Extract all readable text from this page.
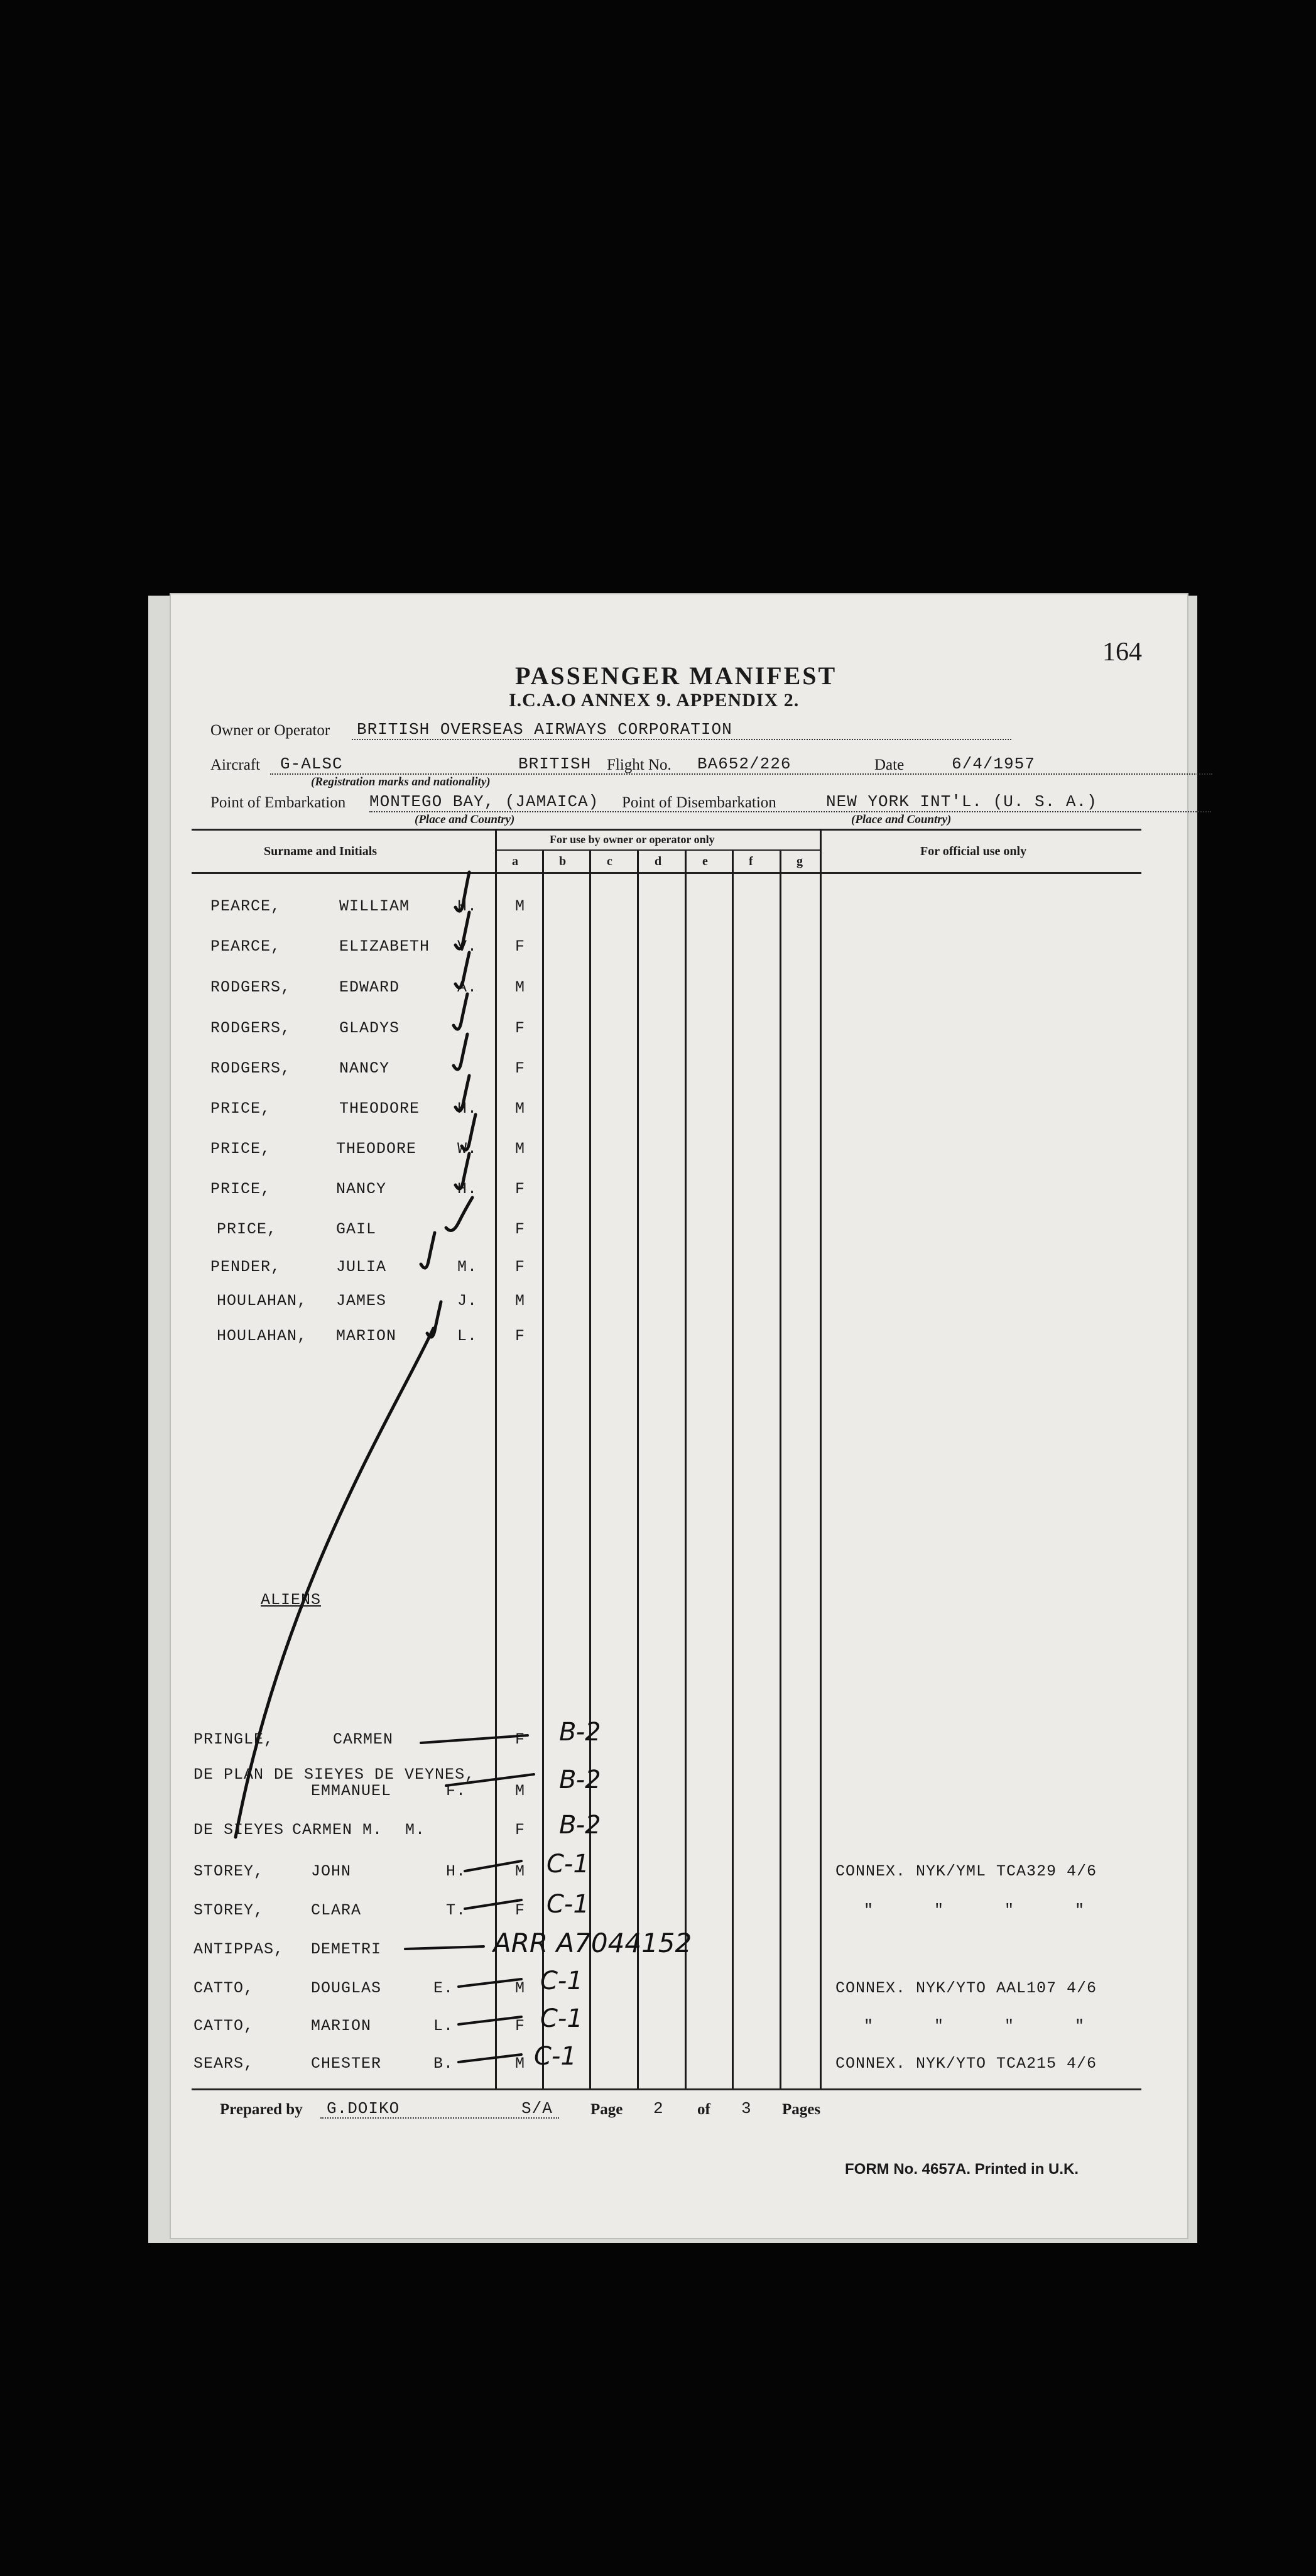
164
PASSENGER MANIFEST
I.C.A.O ANNEX 9. APPENDIX 2.
Owner or Operator BRITISH OVERSEAS AIRWAYS CORPORATION
Aircraft G-ALSC	BRITISH Flight No. BA652/226	Date	6/4/1957
(Registration marks and nationality)
Point of Embarkation MONTEGO BAY, (JAMAICA) Point of Disembarkation	NEW YORK INT'L. (U. S. A.)
(Place and Country)	(Place and Country)
Surname and Initials
For use by owner or operator only
For official use only
a	b	c	d	e	f	g
PEARCE,	WILLIAM	H. M
PEARCE,	ELIZABETH V. F
RODGERS,	EDWARD	A. M
RODGERS,	GLADYS	F
RODGERS,	NANCY	F
PRICE,	THEODORE H. M
PRICE,	THEODORE	W. M
PRICE,	NANCY	H. F
PRICE,	GAIL	F
PENDER,	JULIA	M. F
HOULAHAN, JAMES	J. M
HOULAHAN, MARION	L. F
ALIENS
PRINGLE,	CARMEN	F B-2
DE PLAN DE SIEYES DE VEYNES,
EMMANUEL	F.	M B-2
DE SIEYES CARMEN M. M.	F B-2
STOREY,	JOHN	H.	M C-1	CONNEX. NYK/YML TCA329 4/6
STOREY,	CLARA	T.	F C-1	"      "      "      "
ANTIPPAS, DEMETRI	ARR A7044152
CATTO,	DOUGLAS	E.	M C-1	CONNEX. NYK/YTO AAL107 4/6
CATTO,	MARION	L.	F C-1	"      "      "      "
SEARS,	CHESTER	B.	M C-1	CONNEX. NYK/YTO TCA215 4/6
Prepared by G.DOIKO	S/A Page 2 of 3 Pages
FORM No. 4657A. Printed in U.K.
